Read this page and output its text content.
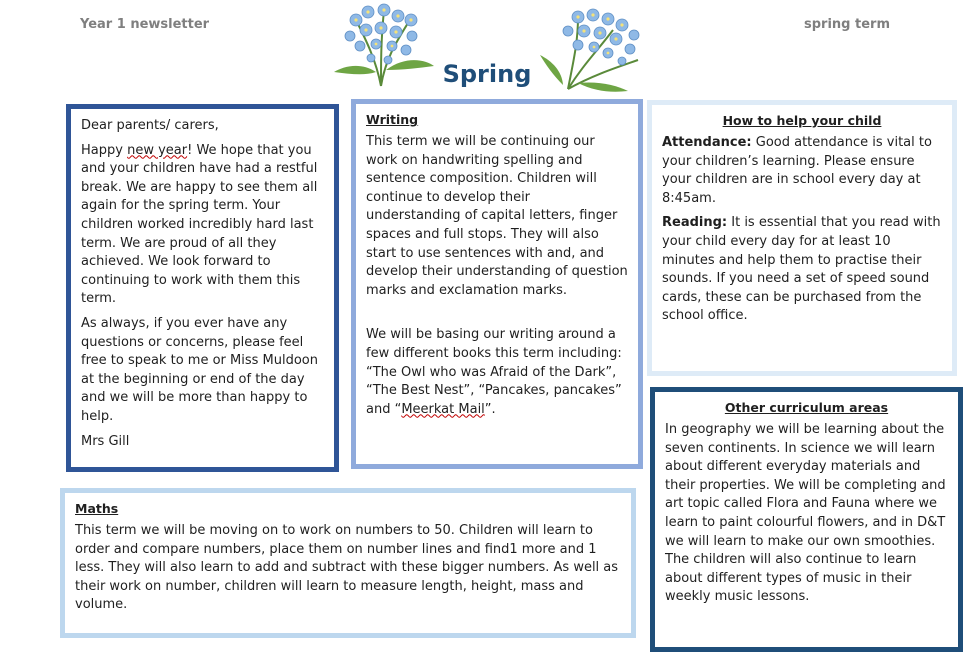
Year 1 newsletter	spring term
Spring

Dear parents/ carers,

Happy new year! We hope that you and your children have had a restful break. We are happy to see them all again for the spring term. Your children worked incredibly hard last term. We are proud of all they achieved. We look forward to continuing to work with them this term.

As always, if you ever have any questions or concerns, please feel free to speak to me or Miss Muldoon at the beginning or end of the day and we will be more than happy to help.

Mrs Gill

Writing

This term we will be continuing our work on handwriting spelling and sentence composition. Children will continue to develop their understanding of capital letters, finger spaces and full stops. They will also start to use sentences with and, and develop their understanding of question marks and exclamation marks.

We will be basing our writing around a few different books this term including: “The Owl who was Afraid of the Dark”, “The Best Nest”, “Pancakes, pancakes” and “Meerkat Mail”.

How to help your child

Attendance: Good attendance is vital to your children’s learning. Please ensure your children are in school every day at 8:45am.

Reading: It is essential that you read with your child every day for at least 10 minutes and help them to practise their sounds. If you need a set of speed sound cards, these can be purchased from the school office.

Maths

This term we will be moving on to work on numbers to 50. Children will learn to order and compare numbers, place them on number lines and find1 more and 1 less. They will also learn to add and subtract with these bigger numbers. As well as their work on number, children will learn to measure length, height, mass and volume.

Other curriculum areas

In geography we will be learning about the seven continents. In science we will learn about different everyday materials and their properties. We will be completing and art topic called Flora and Fauna where we learn to paint colourful flowers, and in D&T we will learn to make our own smoothies. The children will also continue to learn about different types of music in their weekly music lessons.
